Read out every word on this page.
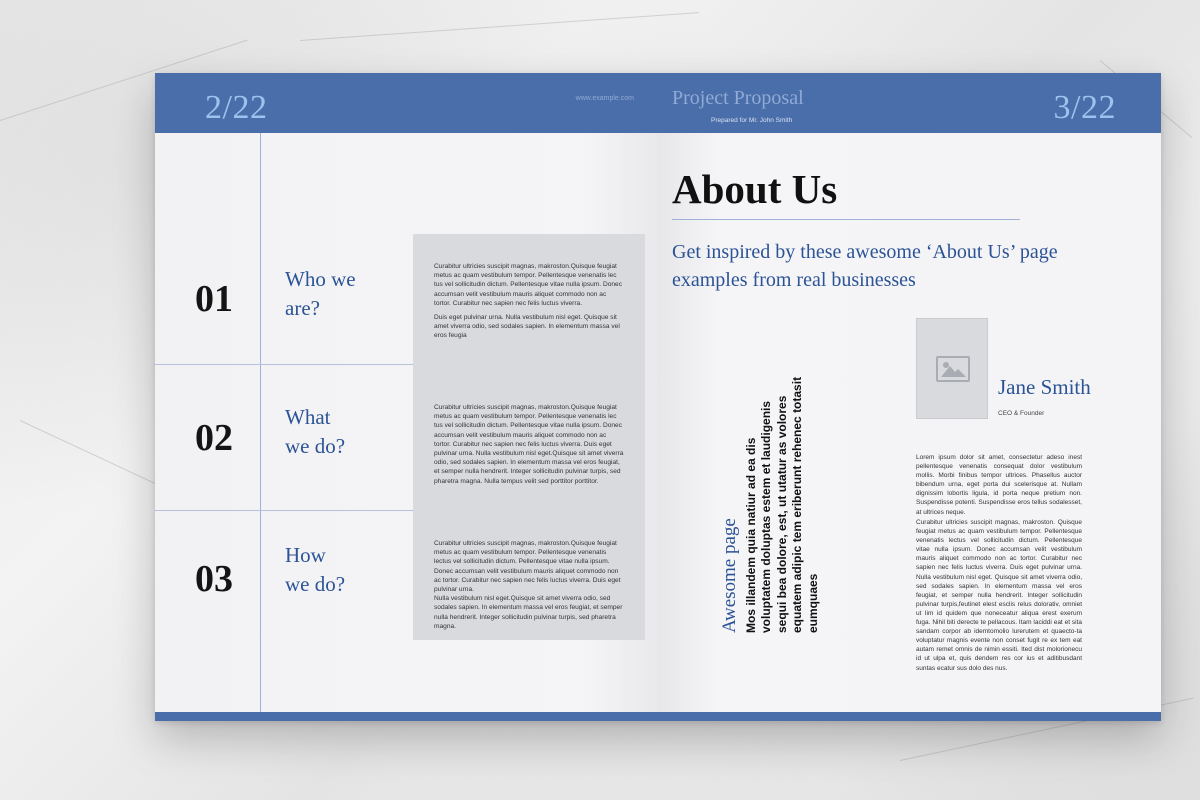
2/22	www.example.com
01 Who we
are?

Curabitur ultricies suscipit magnas, makroston.Quisque feugiat metus ac quam vestibulum tempor. Pellentesque venenatis lec tus vel sollicitudin dictum. Pellentesque vitae nulla ipsum. Donec accumsan velit vestibulum mauris aliquet commodo non ac tortor. Curabitur nec sapien nec felis luctus viverra.

Duis eget pulvinar urna. Nulla vestibulum nisl eget. Quisque sit amet viverra odio, sed sodales sapien. In elementum massa vel eros feugia

02 What
we do?

Curabitur ultricies suscipit magnas, makroston.Quisque feugiat metus ac quam vestibulum tempor. Pellentesque venenatis lec tus vel sollicitudin dictum. Pellentesque vitae nulla ipsum. Donec accumsan velit vestibulum mauris aliquet commodo non ac tortor. Curabitur nec sapien nec felis luctus viverra. Duis eget pulvinar urna. Nulla vestibulum nisl eget.Quisque sit amet viverra odio, sed sodales sapien. In elementum massa vel eros feugiat, et semper nulla hendrerit. Integer sollicitudin pulvinar turpis, sed pharetra magna. Nulla tempus velit sed porttitor porttitor.

03
How
we do?

Curabitur ultricies suscipit magnas, makroston.Quisque feugiat metus ac quam vestibulum tempor. Pellentesque venenatis lectus vel sollicitudin dictum. Pellentesque vitae nulla ipsum. Donec accumsan velit vestibulum mauris aliquet commodo non ac tortor. Curabitur nec sapien nec felis luctus viverra. Duis eget pulvinar urna.

Nulla vestibulum nisl eget.Quisque sit amet viverra odio, sed sodales sapien. In elementum massa vel eros feugiat, et semper nulla hendrerit. Integer sollicitudin pulvinar turpis, sed pharetra magna.

Project Proposal
Prepared for Mr. John Smith	3/22
About Us
Get inspired by these awesome ‘About Us’ page examples from real businesses
Awesome page Mos illandem quia natiur ad ea dis voluptatem doluptas estem et laudigenis sequi bea dolore, est, ut utatur as volores equatem adipic tem eriberunt rehenec totasit eumquaes
Jane Smith
CEO & Founder

Lorem ipsum dolor sit amet, consectetur adeso inest pellentesque venenatis consequat dolor vestibulum mollis. Morbi finibus tempor ultrices. Phasellus auctor bibendum urna, eget porta dui scelerisque at. Nullam dignissim lobortis ligula, id porta neque pretium non. Suspendisse potenti. Suspendisse eros tellus sodalesset, at ultrices neque.

Curabitur ultricies suscipit magnas, makroston. Quisque feugiat metus ac quam vestibulum tempor. Pellentesque venenatis lectus vel sollicitudin dictum. Pellentesque vitae nulla ipsum. Donec accumsan velit vestibulum mauris aliquet commodo non ac tortor. Curabitur nec sapien nec felis luctus viverra. Duis eget pulvinar urna. Nulla vestibulum nisl eget. Quisque sit amet viverra odio, sed sodales sapien. In elementum massa vel eros feugiat, et semper nulla hendrerit. Integer sollicitudin pulvinar turpis,feutinet elest esclis relus dolorativ, omniet ut lim id quidem que noneceatur aliqua erest exerum fuga. Nihil biti derecte te pellacous. Itam laciddi eat et sita sandam corpor ab idemtomolio lurerutem et quaecto-ta voluptatur magnis evente non conset fugit re ex tem eat autam remet omnis de nimin essiti. Ited dist molorionecu id ut ulpa et, quis dendem res cor ius et aditibusdant suntas ecatur sus dolo des nus.
